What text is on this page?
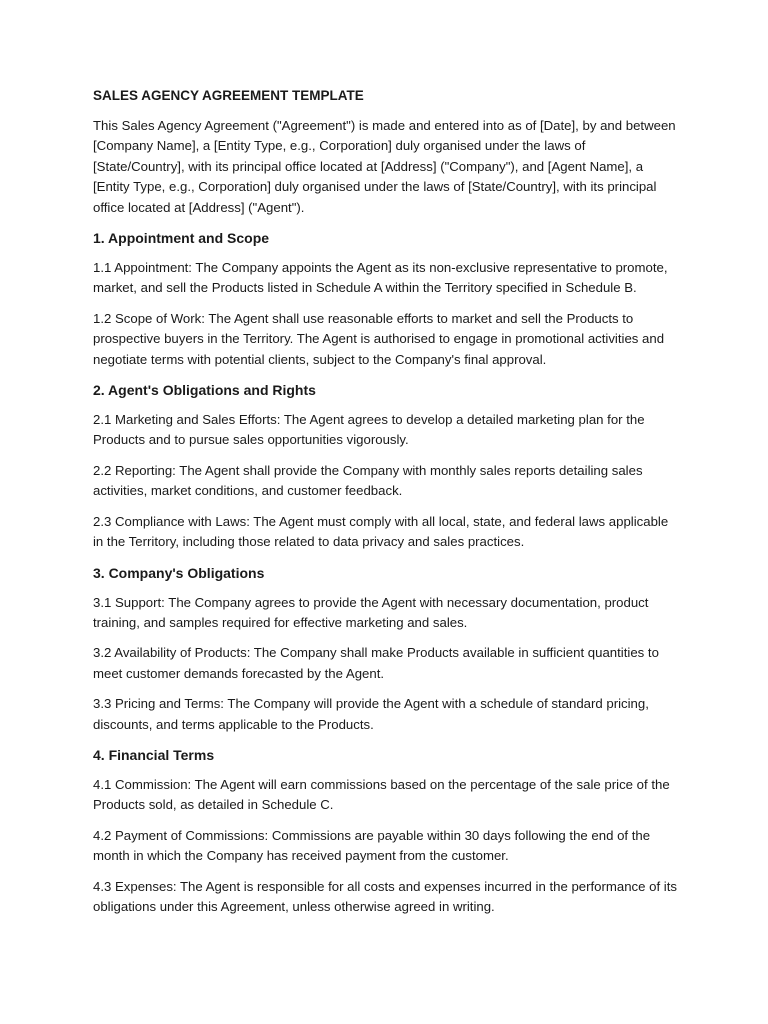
SALES AGENCY AGREEMENT TEMPLATE
This Sales Agency Agreement ("Agreement") is made and entered into as of [Date], by and between [Company Name], a [Entity Type, e.g., Corporation] duly organised under the laws of [State/Country], with its principal office located at [Address] ("Company"), and [Agent Name], a [Entity Type, e.g., Corporation] duly organised under the laws of [State/Country], with its principal office located at [Address] ("Agent").
1. Appointment and Scope
1.1 Appointment: The Company appoints the Agent as its non-exclusive representative to promote, market, and sell the Products listed in Schedule A within the Territory specified in Schedule B.
1.2 Scope of Work: The Agent shall use reasonable efforts to market and sell the Products to prospective buyers in the Territory. The Agent is authorised to engage in promotional activities and negotiate terms with potential clients, subject to the Company's final approval.
2. Agent's Obligations and Rights
2.1 Marketing and Sales Efforts: The Agent agrees to develop a detailed marketing plan for the Products and to pursue sales opportunities vigorously.
2.2 Reporting: The Agent shall provide the Company with monthly sales reports detailing sales activities, market conditions, and customer feedback.
2.3 Compliance with Laws: The Agent must comply with all local, state, and federal laws applicable in the Territory, including those related to data privacy and sales practices.
3. Company's Obligations
3.1 Support: The Company agrees to provide the Agent with necessary documentation, product training, and samples required for effective marketing and sales.
3.2 Availability of Products: The Company shall make Products available in sufficient quantities to meet customer demands forecasted by the Agent.
3.3 Pricing and Terms: The Company will provide the Agent with a schedule of standard pricing, discounts, and terms applicable to the Products.
4. Financial Terms
4.1 Commission: The Agent will earn commissions based on the percentage of the sale price of the Products sold, as detailed in Schedule C.
4.2 Payment of Commissions: Commissions are payable within 30 days following the end of the month in which the Company has received payment from the customer.
4.3 Expenses: The Agent is responsible for all costs and expenses incurred in the performance of its obligations under this Agreement, unless otherwise agreed in writing.
